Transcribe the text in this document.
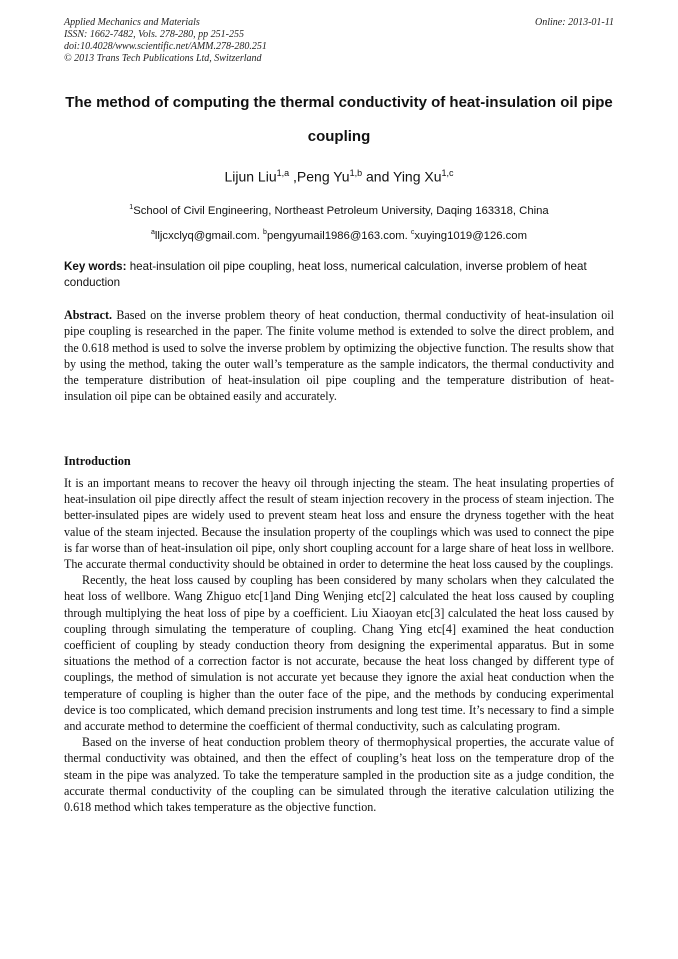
Applied Mechanics and Materials
ISSN: 1662-7482, Vols. 278-280, pp 251-255
doi:10.4028/www.scientific.net/AMM.278-280.251
© 2013 Trans Tech Publications Ltd, Switzerland
Online: 2013-01-11
The method of computing the thermal conductivity of heat-insulation oil pipe coupling
Lijun Liu$^{1,a}$ ,Peng Yu$^{1,b}$ and Ying Xu$^{1,c}$
$^1$School of Civil Engineering, Northeast Petroleum University, Daqing 163318, China
$^a$lljcxclyq@gmail.com. $^b$pengyumail1986@163.com. $^c$xuying1019@126.com
Key words: heat-insulation oil pipe coupling, heat loss, numerical calculation, inverse problem of heat conduction
Abstract. Based on the inverse problem theory of heat conduction, thermal conductivity of heat-insulation oil pipe coupling is researched in the paper. The finite volume method is extended to solve the direct problem, and the 0.618 method is used to solve the inverse problem by optimizing the objective function. The results show that by using the method, taking the outer wall’s temperature as the sample indicators, the thermal conductivity and the temperature distribution of heat-insulation oil pipe coupling and the temperature distribution of heat-insulation oil pipe can be obtained easily and accurately.
Introduction

It is an important means to recover the heavy oil through injecting the steam. The heat insulating properties of heat-insulation oil pipe directly affect the result of steam injection recovery in the process of steam injection. The better-insulated pipes are widely used to prevent steam heat loss and ensure the dryness together with the heat value of the steam injected. Because the insulation property of the couplings which was used to connect the pipe is far worse than of heat-insulation oil pipe, only short coupling account for a large share of heat loss in wellbore. The accurate thermal conductivity should be obtained in order to determine the heat loss caused by the couplings.

Recently, the heat loss caused by coupling has been considered by many scholars when they calculated the heat loss of wellbore. Wang Zhiguo etc[1]and Ding Wenjing etc[2] calculated the heat loss caused by coupling through multiplying the heat loss of pipe by a coefficient. Liu Xiaoyan etc[3] calculated the heat loss caused by coupling through simulating the temperature of coupling. Chang Ying etc[4] examined the heat conduction coefficient of coupling by steady conduction theory from designing the experimental apparatus. But in some situations the method of a correction factor is not accurate, because the heat loss changed by different type of couplings, the method of simulation is not accurate yet because they ignore the axial heat conduction when the temperature of coupling is higher than the outer face of the pipe, and the methods by conducing experimental device is too complicated, which demand precision instruments and long test time. It’s necessary to find a simple and accurate method to determine the coefficient of thermal conductivity, such as calculating program.

Based on the inverse of heat conduction problem theory of thermophysical properties, the accurate value of thermal conductivity was obtained, and then the effect of coupling’s heat loss on the temperature drop of the steam in the pipe was analyzed. To take the temperature sampled in the production site as a judge condition, the accurate thermal conductivity of the coupling can be simulated through the iterative calculation utilizing the 0.618 method which takes temperature as the objective function.
